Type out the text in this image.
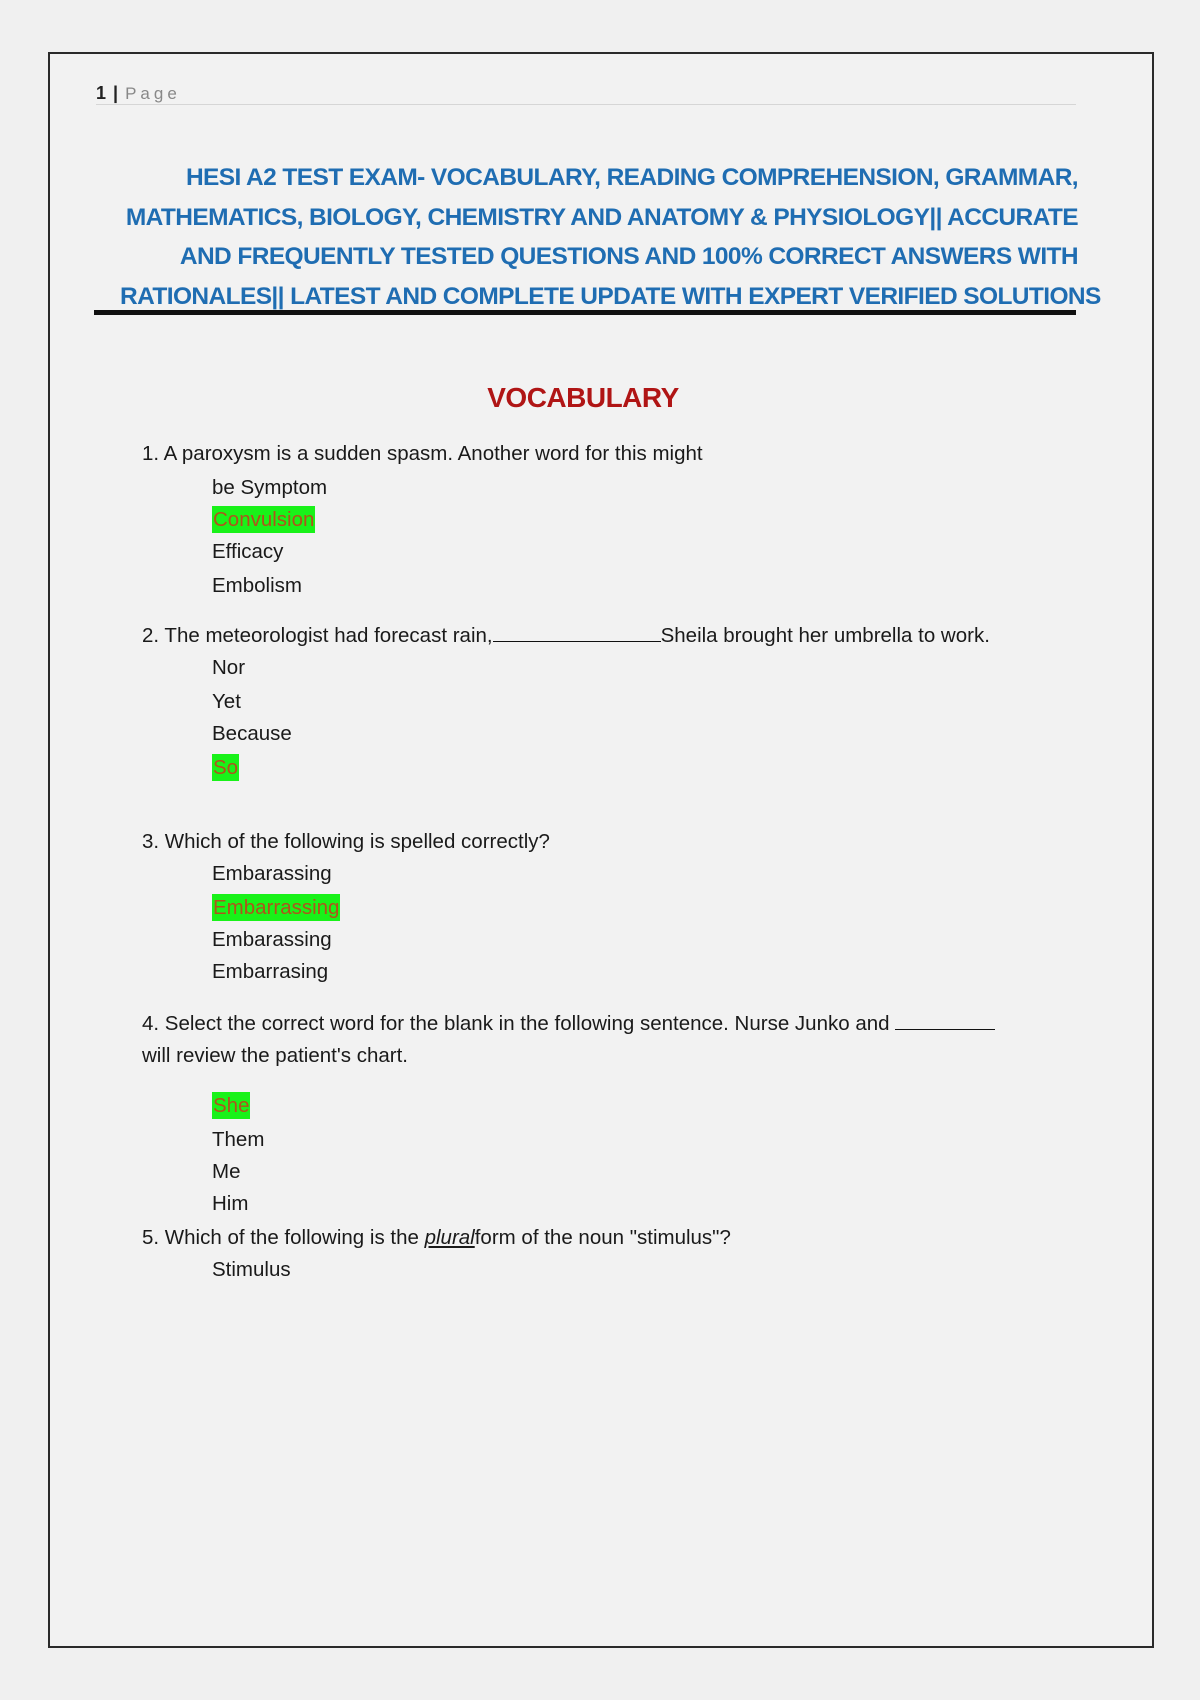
1 | Page
HESI A2 TEST EXAM- VOCABULARY, READING COMPREHENSION, GRAMMAR,
MATHEMATICS, BIOLOGY, CHEMISTRY AND ANATOMY & PHYSIOLOGY|| ACCURATE
AND FREQUENTLY TESTED QUESTIONS AND 100% CORRECT ANSWERS WITH
RATIONALES|| LATEST AND COMPLETE UPDATE WITH EXPERT VERIFIED SOLUTIONS
VOCABULARY
1. A paroxysm is a sudden spasm. Another word for this might
be Symptom
Convulsion
Efficacy
Embolism
2. The meteorologist had forecast rain,	Sheila brought her umbrella to work.
Nor
Yet
Because
So
3. Which of the following is spelled correctly?
Embarassing
Embarrassing
Embarassing
Embarrasing
4. Select the correct word for the blank in the following sentence. Nurse Junko and
will review the patient's chart.
She
Them
Me
Him
5. Which of the following is the pluralform of the noun "stimulus"?
Stimulus
